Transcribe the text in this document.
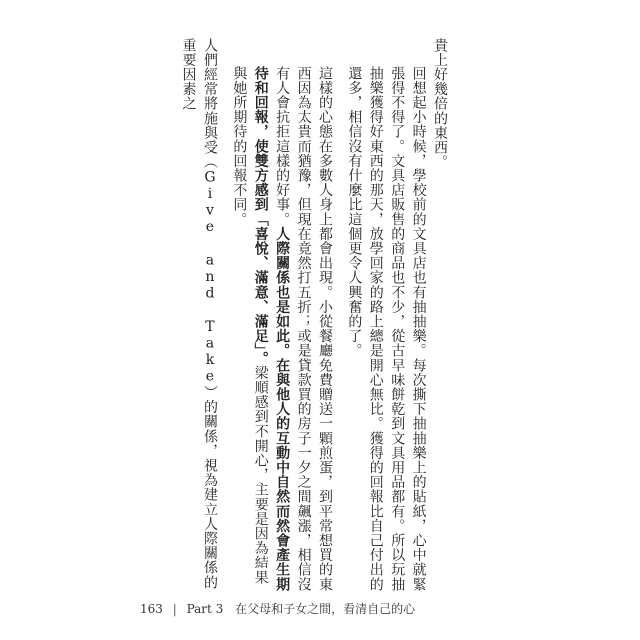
貴上好幾倍的東西。

回想起小時候，學校前的文具店也有抽抽樂。每次撕下抽抽樂上的貼紙，心中就緊張得不得了。文具店販售的商品也不少，從古早味餅乾到文具用品都有。所以玩抽抽樂獲得好東西的那天，放學回家的路上總是開心無比。獲得的回報比自己付出的還多，相信沒有什麼比這個更令人興奮的了。

這樣的心態在多數人身上都會出現。小從餐廳免費贈送一顆煎蛋，到平常想買的東西因為太貴而猶豫，但現在竟然打五折；或是貸款買的房子一夕之間飆漲，相信沒有人會抗拒這樣的好事。人際關係也是如此。在與他人的互動中自然而然會產生期待和回報，使雙方感到「喜悅、滿意、滿足」。梁順感到不開心，主要是因為結果與她所期待的回報不同。

人們經常將施與受（Give and Take）的關係，視為建立人際關係的重要因素之

163 | Part 3 在父母和子女之間，看清自己的心
